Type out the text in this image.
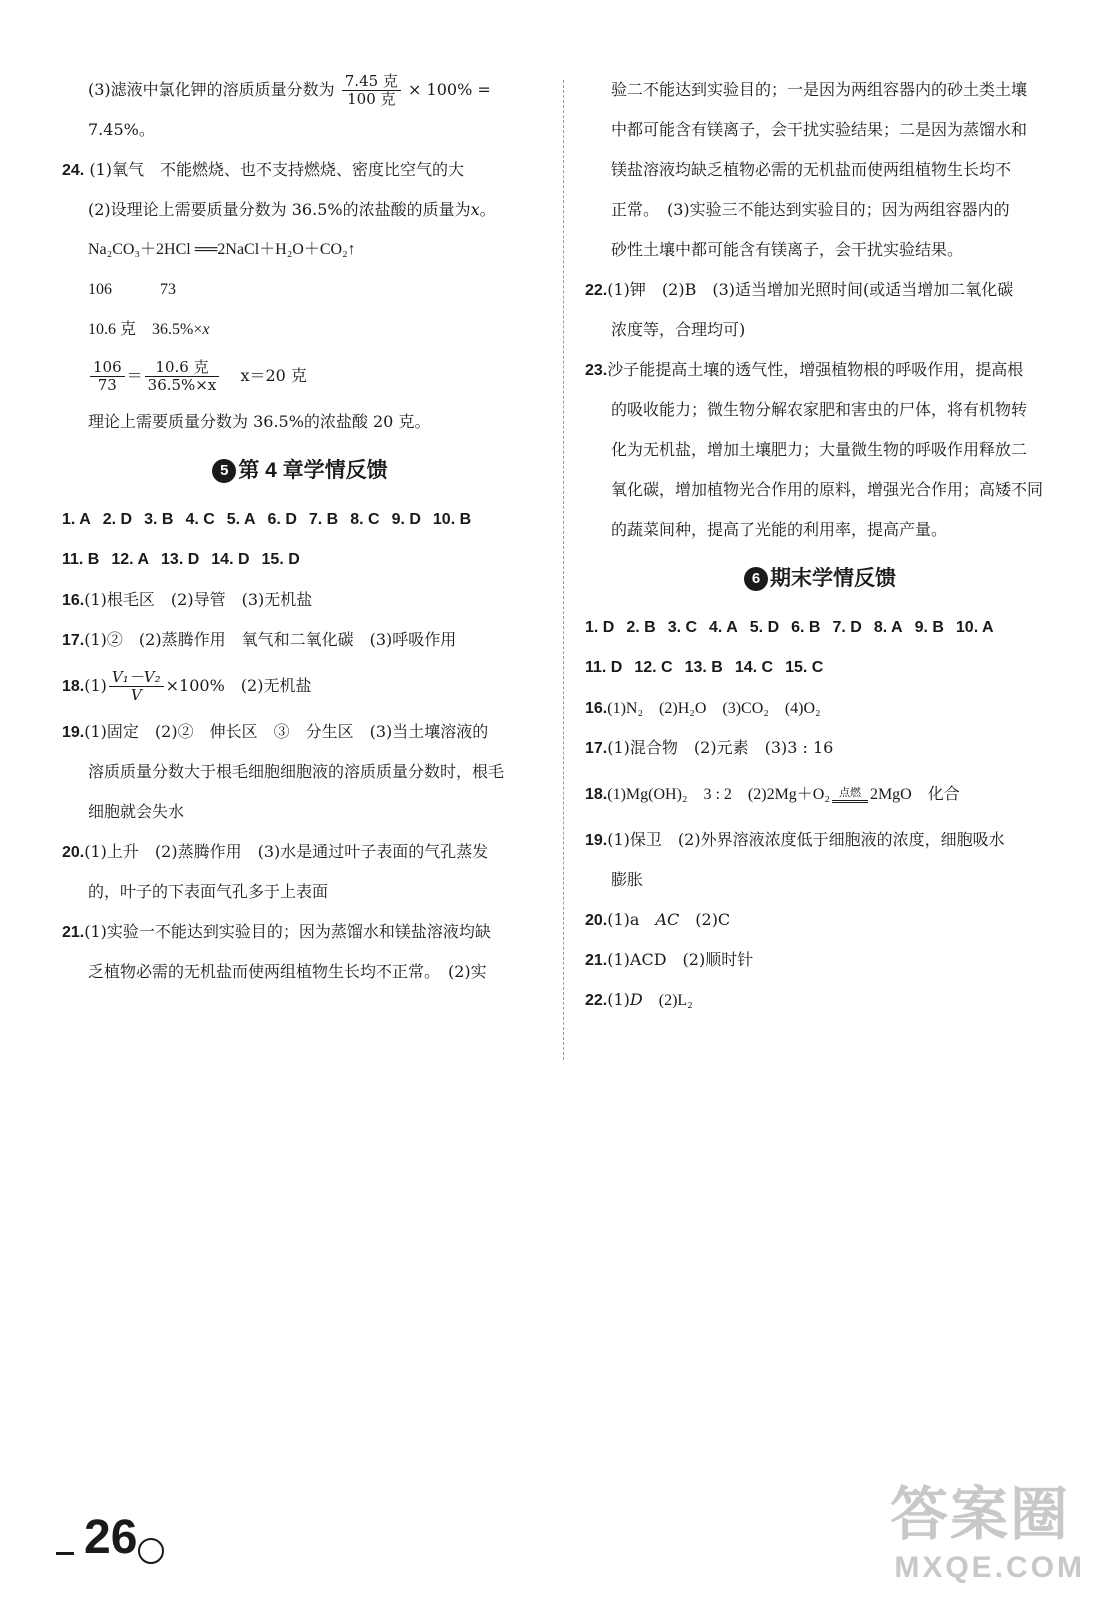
(3)滤液中氯化钾的溶质质量分数为 $\frac{\text{7.45 克}}{\text{100 克}} \times 100\%$ =
7.45%。
24. (1)氧气　不能燃烧、也不支持燃烧、密度比空气的大
(2)设理论上需要质量分数为 36.5%的浓盐酸的质量为x。
Na₂CO₃＋2HCl ══2NaCl＋H₂O＋CO₂↑
106　　　73
10.6 克　36.5%×x
$\frac{106}{73} = \frac{\text{10.6 克}}{36.5\%\times x} x=20$ 克
理论上需要质量分数为 36.5%的浓盐酸 20 克。
5 第 4 章学情反馈
1. A 2. D 3. B 4. C 5. A 6. D 7. B 8. C 9. D 10. B
11. B 12. A 13. D 14. D 15. D
16.(1)根毛区　(2)导管　(3)无机盐
17.(1)②　(2)蒸腾作用　氧气和二氧化碳　(3)呼吸作用
$18.(1) \frac{\text{V₁－V₂}}{V} \times 100\%$　(2)无机盐
19.(1)固定　(2)②　伸长区　③　分生区　(3)当土壤溶液的
溶质质量分数大于根毛细胞细胞液的溶质质量分数时，根毛
细胞就会失水
20.(1)上升　(2)蒸腾作用　(3)水是通过叶子表面的气孔蒸发
的，叶子的下表面气孔多于上表面
21.(1)实验一不能达到实验目的；因为蒸馏水和镁盐溶液均缺
乏植物必需的无机盐而使两组植物生长均不正常。　(2)实
验二不能达到实验目的；一是因为两组容器内的砂土类土壤
中都可能含有镁离子，会干扰实验结果；二是因为蒸馏水和
镁盐溶液均缺乏植物必需的无机盐而使两组植物生长均不
正常。　(3)实验三不能达到实验目的；因为两组容器内的
砂性土壤中都可能含有镁离子，会干扰实验结果。
22.(1)钾　(2)B　(3)适当增加光照时间(或适当增加二氧化碳
浓度等，合理均可)
23.沙子能提高土壤的透气性，增强植物根的呼吸作用，提高根
的吸收能力；微生物分解农家肥和害虫的尸体，将有机物转
化为无机盐，增加土壤肥力；大量微生物的呼吸作用释放二
氧化碳，增加植物光合作用的原料，增强光合作用；高矮不同
的蔬菜间种，提高了光能的利用率，提高产量。
6 期末学情反馈
1. D 2. B 3. C 4. A 5. D 6. B 7. D 8. A 9. B 10. A
11. D 12. C 13. B 14. C 15. C
16.(1)N₂　(2)H₂O　(3)CO₂　(4)O₂
17.(1)混合物　(2)元素　(3)3 : 16
18.(1)Mg(OH)₂　3 : 2　(2)2Mg＋O₂ 点燃 2MgO　化合
19.(1)保卫　(2)外界溶液浓度低于细胞液的浓度，细胞吸水
膨胀
20.(1)a　AC　(2)C
21.(1)ACD　(2)顺时针
22.(1)D　(2)L₂
26	答案圈
MXQE.COM
